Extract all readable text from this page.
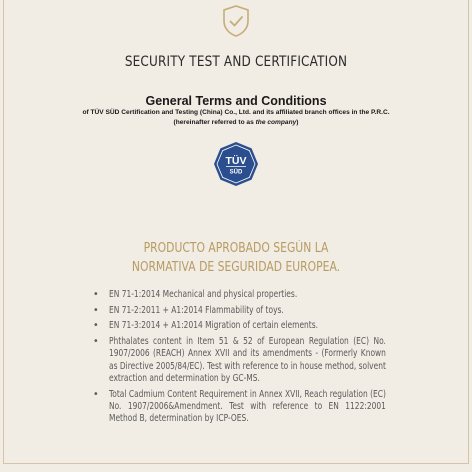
SECURITY TEST AND CERTIFICATION
General Terms and Conditions
of TÜV SÜD Certification and Testing (China) Co., Ltd. and its affiliated branch offices in the P.R.C.
(hereinafter referred to as the company)
TÜV
SÜD
PRODUCTO APROBADO SEGÚN LA
NORMATIVA DE SEGURIDAD EUROPEA.
• EN 71-1:2014 Mechanical and physical properties.
• EN 71-2:2011 + A1:2014 Flammability of toys.
• EN 71-3:2014 + A1:2014 Migration of certain elements.
• Phthalates content in Item 51 & 52 of European Regulation (EC) No. 1907/2006 (REACH) Annex XVII and its amendments - (Formerly Known as Directive 2005/84/EC). Test with reference to in house method, solvent extraction and determination by GC-MS.
• Total Cadmium Content Requirement in Annex XVII, Reach regulation (EC) No. 1907/2006&Amendment. Test with reference to EN 1122:2001 Method B, determination by ICP-OES.
